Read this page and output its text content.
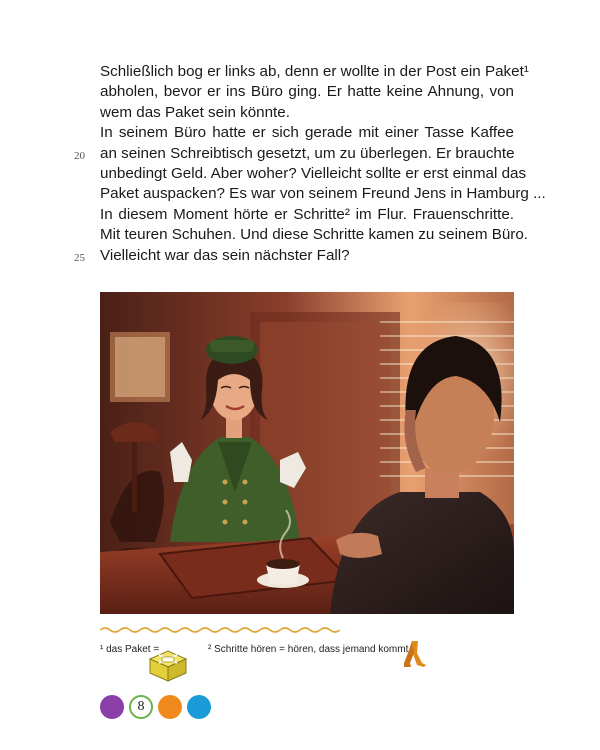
Schließlich bog er links ab, denn er wollte in der Post ein Paket¹
abholen, bevor er ins Büro ging. Er hatte keine Ahnung, von
wem das Paket sein könnte.
In seinem Büro hatte er sich gerade mit einer Tasse Kaffee
20 an seinen Schreibtisch gesetzt, um zu überlegen. Er brauchte
unbedingt Geld. Aber woher? Vielleicht sollte er erst einmal das
Paket auspacken? Es war von seinem Freund Jens in Hamburg ...
In diesem Moment hörte er Schritte² im Flur. Frauenschritte.
Mit teuren Schuhen. Und diese Schritte kamen zu seinem Büro.
25 Vielleicht war das sein nächster Fall?
¹ das Paket =	² Schritte hören = hören, dass jemand kommt
8
